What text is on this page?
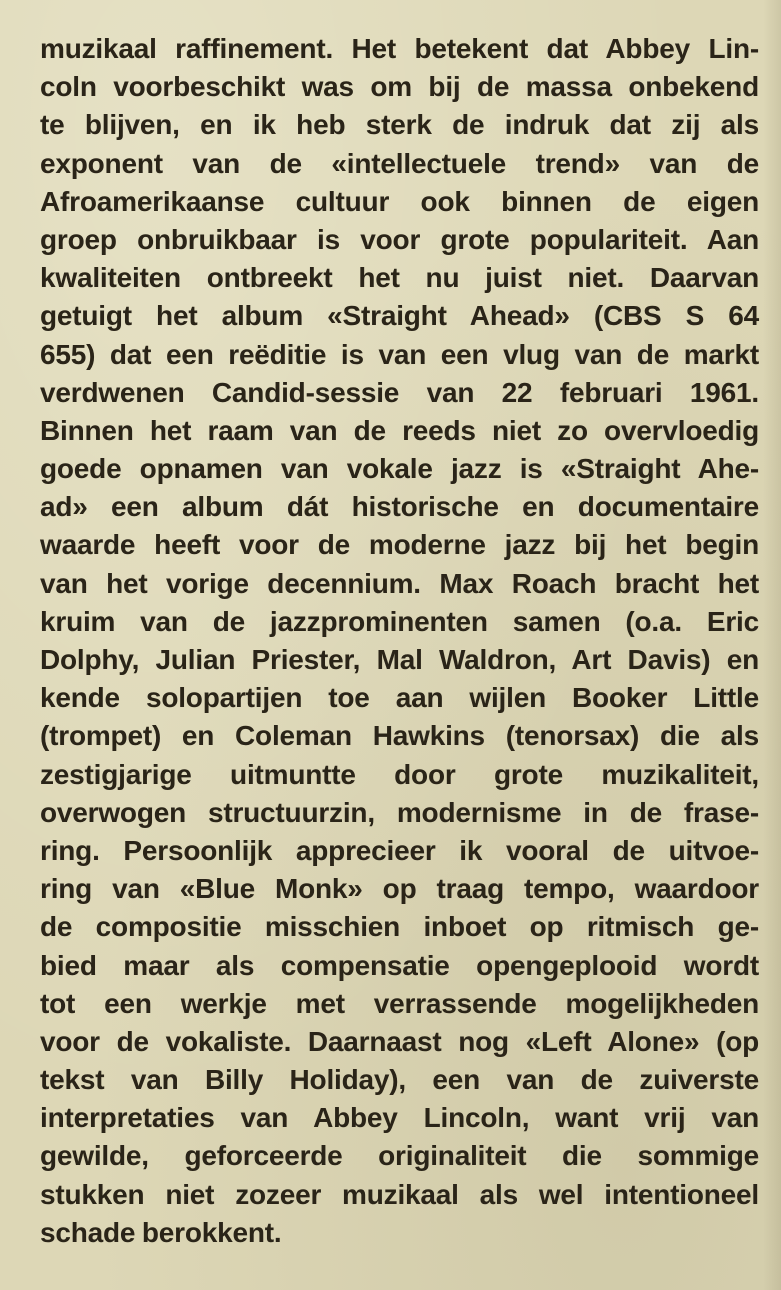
muzikaal raffinement. Het betekent dat Abbey Lin-
coln voorbeschikt was om bij de massa onbekend
te blijven, en ik heb sterk de indruk dat zij als
exponent van de «intellectuele trend» van de
Afroamerikaanse cultuur ook binnen de eigen
groep onbruikbaar is voor grote populariteit. Aan
kwaliteiten ontbreekt het nu juist niet. Daarvan
getuigt het album «Straight Ahead» (CBS S 64
655) dat een reëditie is van een vlug van de markt
verdwenen Candid-sessie van 22 februari 1961.
Binnen het raam van de reeds niet zo overvloedig
goede opnamen van vokale jazz is «Straight Ahe-
ad» een album dát historische en documentaire
waarde heeft voor de moderne jazz bij het begin
van het vorige decennium. Max Roach bracht het
kruim van de jazzprominenten samen (o.a. Eric
Dolphy, Julian Priester, Mal Waldron, Art Davis) en
kende solopartijen toe aan wijlen Booker Little
(trompet) en Coleman Hawkins (tenorsax) die als
zestigjarige uitmuntte door grote muzikaliteit,
overwogen structuurzin, modernisme in de frase-
ring. Persoonlijk apprecieer ik vooral de uitvoe-
ring van «Blue Monk» op traag tempo, waardoor
de compositie misschien inboet op ritmisch ge-
bied maar als compensatie opengeplooid wordt
tot een werkje met verrassende mogelijkheden
voor de vokaliste. Daarnaast nog «Left Alone» (op
tekst van Billy Holiday), een van de zuiverste
interpretaties van Abbey Lincoln, want vrij van
gewilde, geforceerde originaliteit die sommige
stukken niet zozeer muzikaal als wel intentioneel
schade berokkent.
